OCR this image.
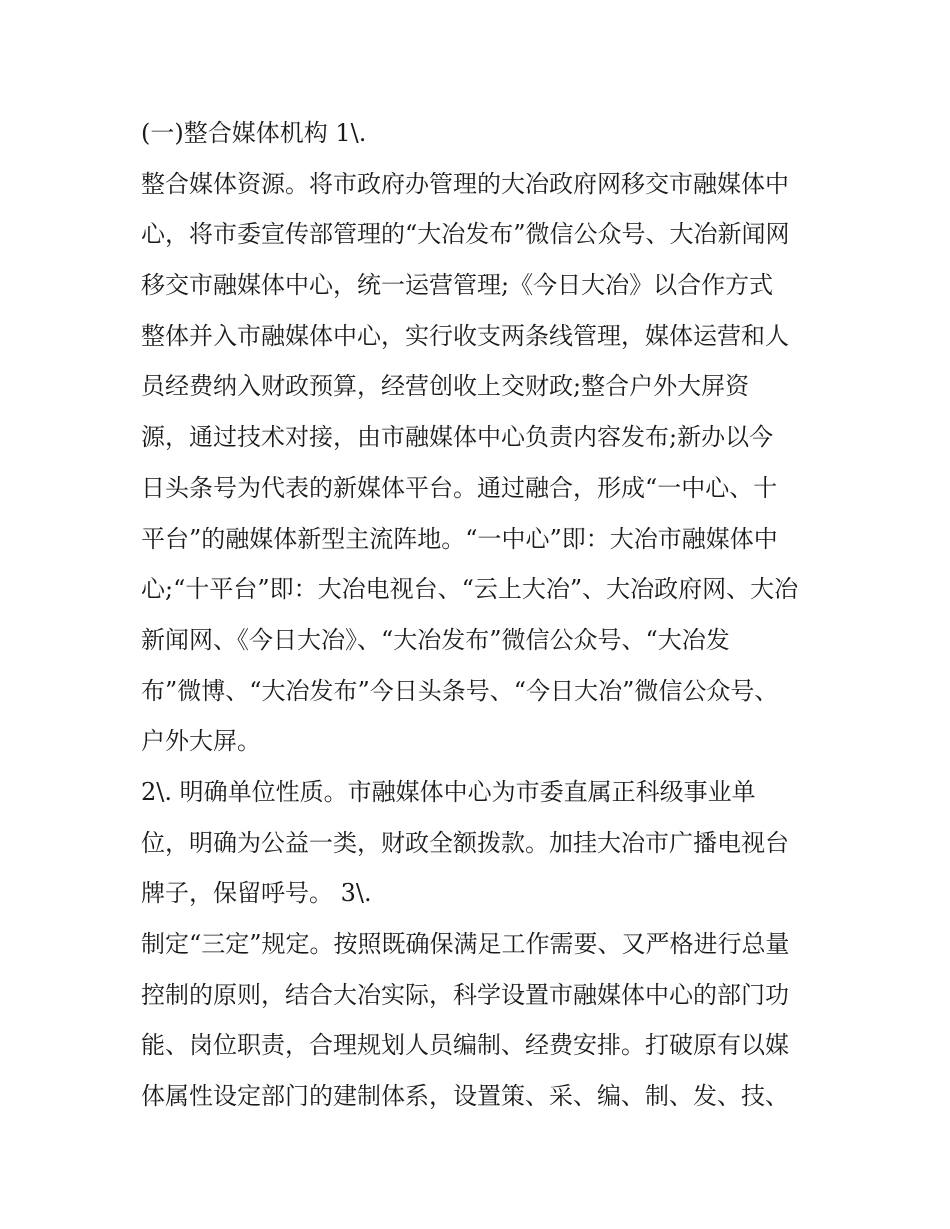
(一)整合媒体机构 1\.
整合媒体资源。将市政府办管理的大冶政府网移交市融媒体中
心，将市委宣传部管理的“大冶发布”微信公众号、大冶新闻网
移交市融媒体中心，统一运营管理;《今日大冶》以合作方式
整体并入市融媒体中心，实行收支两条线管理，媒体运营和人
员经费纳入财政预算，经营创收上交财政;整合户外大屏资
源，通过技术对接，由市融媒体中心负责内容发布;新办以今
日头条号为代表的新媒体平台。通过融合，形成“一中心、十
平台”的融媒体新型主流阵地。“一中心”即：大冶市融媒体中
心;“十平台”即：大冶电视台、“云上大冶”、大冶政府网、大冶
新闻网、《今日大冶》、“大冶发布”微信公众号、“大冶发
布”微博、“大冶发布”今日头条号、“今日大冶”微信公众号、
户外大屏。
2\. 明确单位性质。市融媒体中心为市委直属正科级事业单
位，明确为公益一类，财政全额拨款。加挂大冶市广播电视台
牌子，保留呼号。 3\.
制定“三定”规定。按照既确保满足工作需要、又严格进行总量
控制的原则，结合大冶实际，科学设置市融媒体中心的部门功
能、岗位职责，合理规划人员编制、经费安排。打破原有以媒
体属性设定部门的建制体系，设置策、采、编、制、发、技、
